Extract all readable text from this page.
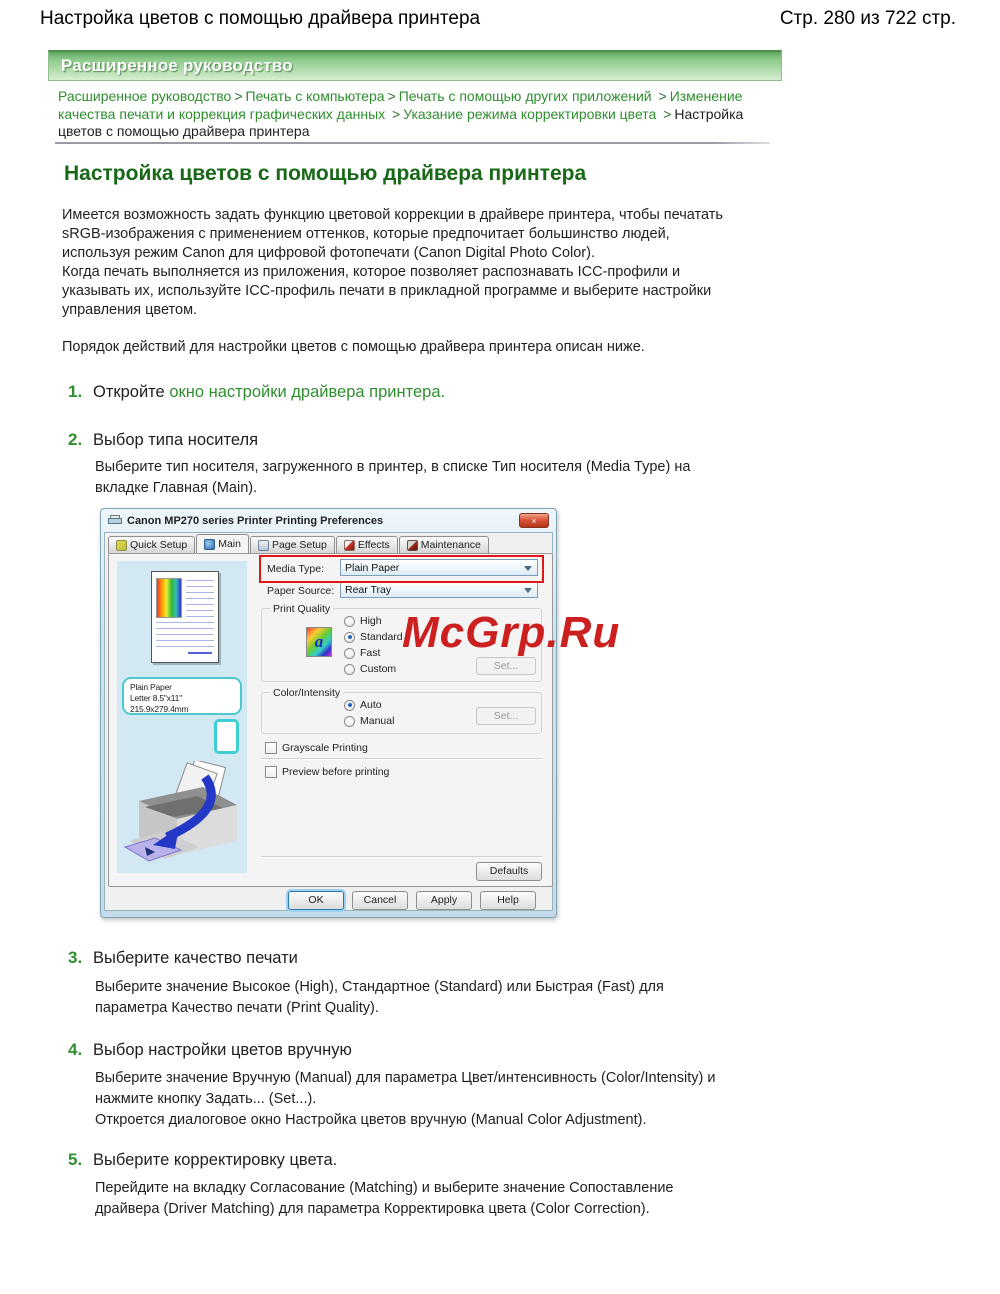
Настройка цветов с помощью драйвера принтера	Стр. 280 из 722 стр.
Расширенное руководство
Расширенное руководство > Печать с компьютера > Печать с помощью других приложений > Изменение качества печати и коррекция графических данных > Указание режима корректировки цвета > Настройка цветов с помощью драйвера принтера
Настройка цветов с помощью драйвера принтера
Имеется возможность задать функцию цветовой коррекции в драйвере принтера, чтобы печатать
sRGB-изображения с применением оттенков, которые предпочитает большинство людей,
используя режим Canon для цифровой фотопечати (Canon Digital Photo Color).
Когда печать выполняется из приложения, которое позволяет распознавать ICC-профили и
указывать их, используйте ICC-профиль печати в прикладной программе и выберите настройки
управления цветом.
Порядок действий для настройки цветов с помощью драйвера принтера описан ниже.
1. Откройте окно настройки драйвера принтера.
2. Выбор типа носителя
Выберите тип носителя, загруженного в принтер, в списке Тип носителя (Media Type) на
вкладке Главная (Main).
Canon MP270 series Printer Printing Preferences	×
Quick Setup	Main	Page Setup	Effects	Maintenance
Plain Paper
Letter 8.5"x11" 215.9x279.4mm
Media Type:	Plain Paper
Paper Source:	Rear Tray
Print Quality
a
High
Standard
Fast
Custom	Set...
Color/Intensity
Auto
Manual	Set...
Grayscale Printing
Preview before printing
Defaults
OK	Cancel	Apply	Help
McGrp.Ru
3. Выберите качество печати
Выберите значение Высокое (High), Стандартное (Standard) или Быстрая (Fast) для
параметра Качество печати (Print Quality).
4. Выбор настройки цветов вручную
Выберите значение Вручную (Manual) для параметра Цвет/интенсивность (Color/Intensity) и
нажмите кнопку Задать... (Set...).
Откроется диалоговое окно Настройка цветов вручную (Manual Color Adjustment).
5. Выберите корректировку цвета.
Перейдите на вкладку Согласование (Matching) и выберите значение Сопоставление
драйвера (Driver Matching) для параметра Корректировка цвета (Color Correction).
